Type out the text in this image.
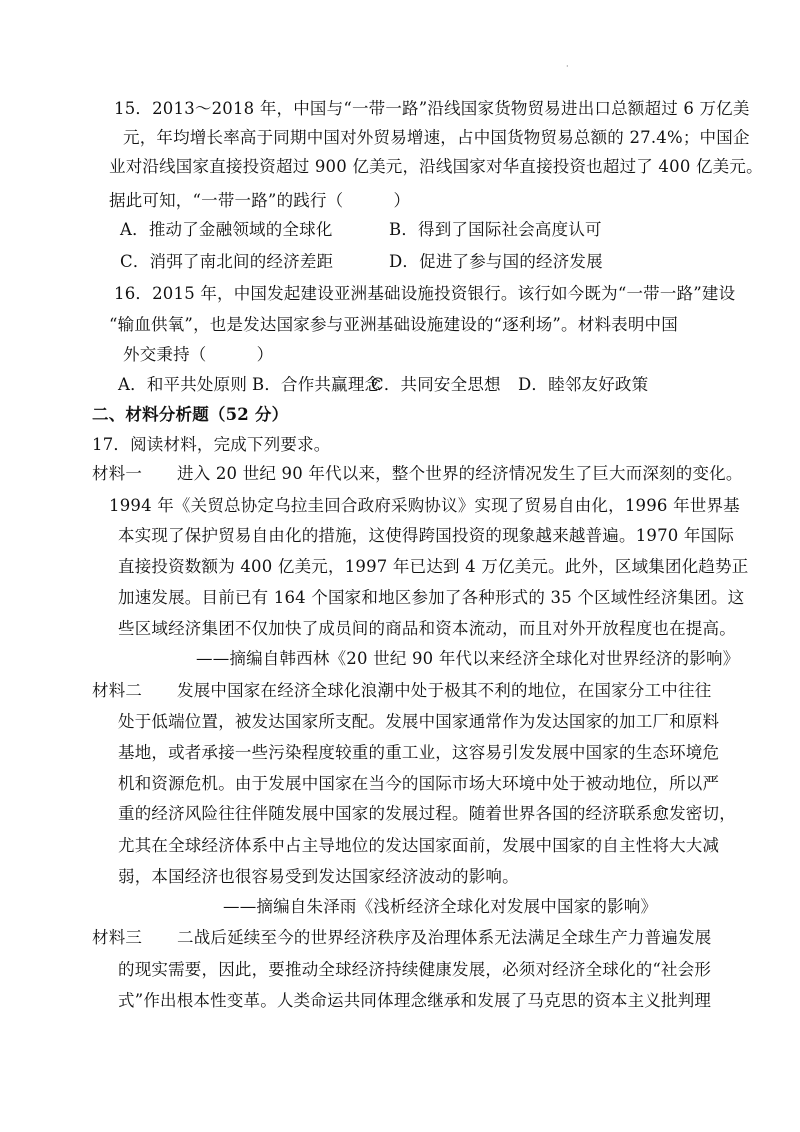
·
15．2013～2018 年，中国与“一带一路”沿线国家货物贸易进出口总额超过 6 万亿美
元，年均增长率高于同期中国对外贸易增速，占中国货物贸易总额的 27.4%；中国企
业对沿线国家直接投资超过 900 亿美元，沿线国家对华直接投资也超过了 400 亿美元。
据此可知，“一带一路”的践行（　　　）
A．推动了金融领域的全球化	B．得到了国际社会高度认可
C．消弭了南北间的经济差距	D．促进了参与国的经济发展
16．2015 年，中国发起建设亚洲基础设施投资银行。该行如今既为“一带一路”建设
“输血供氧”，也是发达国家参与亚洲基础设施建设的“逐利场”。材料表明中国
外交秉持（　　　）
A．和平共处原则 B．合作共赢理念
C．共同安全思想 D．睦邻友好政策
二、材料分析题（52 分）
17．阅读材料，完成下列要求。
材料一 进入 20 世纪 90 年代以来，整个世界的经济情况发生了巨大而深刻的变化。
1994 年《关贸总协定乌拉圭回合政府采购协议》实现了贸易自由化，1996 年世界基
本实现了保护贸易自由化的措施，这使得跨国投资的现象越来越普遍。1970 年国际
直接投资数额为 400 亿美元，1997 年已达到 4 万亿美元。此外，区域集团化趋势正
加速发展。目前已有 164 个国家和地区参加了各种形式的 35 个区域性经济集团。这
些区域经济集团不仅加快了成员间的商品和资本流动，而且对外开放程度也在提高。
——摘编自韩西林《20 世纪 90 年代以来经济全球化对世界经济的影响》
材料二 发展中国家在经济全球化浪潮中处于极其不利的地位，在国家分工中往往
处于低端位置，被发达国家所支配。发展中国家通常作为发达国家的加工厂和原料
基地，或者承接一些污染程度较重的重工业，这容易引发发展中国家的生态环境危
机和资源危机。由于发展中国家在当今的国际市场大环境中处于被动地位，所以严
重的经济风险往往伴随发展中国家的发展过程。随着世界各国的经济联系愈发密切，
尤其在全球经济体系中占主导地位的发达国家面前，发展中国家的自主性将大大减
弱，本国经济也很容易受到发达国家经济波动的影响。
——摘编自朱泽雨《浅析经济全球化对发展中国家的影响》
材料三 二战后延续至今的世界经济秩序及治理体系无法满足全球生产力普遍发展
的现实需要，因此，要推动全球经济持续健康发展，必须对经济全球化的“社会形
式”作出根本性变革。人类命运共同体理念继承和发展了马克思的资本主义批判理
